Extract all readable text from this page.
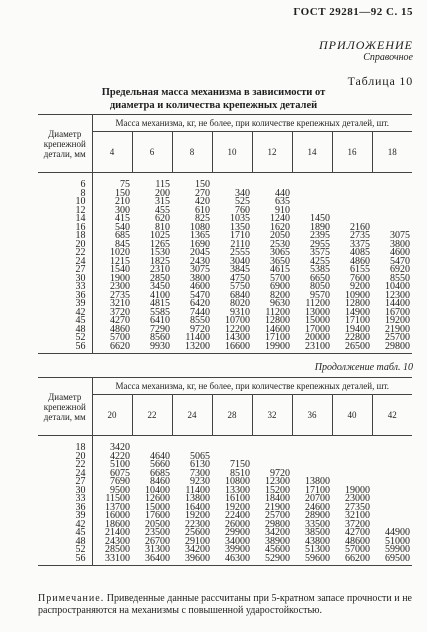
ГОСТ 29281—92 С. 15
ПРИЛОЖЕНИЕ
Справочное
Таблица 10
Предельная масса механизма в зависимости от
диаметра и количества крепежных деталей
Диаметр крепежной детали, мм	Масса механизма, кг, не более, при количестве крепежных деталей, шт.							
	4	6	8	10	12	14	16	18
6	75	115	150					
8	150	200	270	340	440			
10	210	315	420	525	635			
12	300	455	610	760	910			
14	415	620	825	1035	1240	1450		
16	540	810	1080	1350	1620	1890	2160	
18	685	1025	1365	1710	2050	2395	2735	3075
20	845	1265	1690	2110	2530	2955	3375	3800
22	1020	1530	2045	2555	3065	3575	4085	4600
24	1215	1825	2430	3040	3650	4255	4860	5470
27	1540	2310	3075	3845	4615	5385	6155	6920
30	1900	2850	3800	4750	5700	6650	7600	8550
33	2300	3450	4600	5750	6900	8050	9200	10400
36	2735	4100	5470	6840	8200	9570	10900	12300
39	3210	4815	6420	8020	9630	11200	12800	14400
42	3720	5585	7440	9310	11200	13000	14900	16700
45	4270	6410	8550	10700	12800	15000	17100	19200
48	4860	7290	9720	12200	14600	17000	19400	21900
52	5700	8560	11400	14300	17100	20000	22800	25700
56	6620	9930	13200	16600	19900	23100	26500	29800
Продолжение табл. 10
Диаметр крепежной детали, мм	Масса механизма, кг, не более, при количестве крепежных деталей, шт.							
	20	22	24	28	32	36	40	42
18	3420							
20	4220	4640	5065					
22	5100	5660	6130	7150				
24	6075	6685	7300	8510	9720			
27	7690	8460	9230	10800	12300	13800		
30	9500	10400	11400	13300	15200	17100	19000	
33	11500	12600	13800	16100	18400	20700	23000	
36	13700	15000	16400	19200	21900	24600	27350	
39	16000	17600	19200	22400	25700	28900	32100	
42	18600	20500	22300	26000	29800	33500	37200	
45	21400	23500	25600	29900	34200	38500	42700	44900
48	24300	26700	29100	34000	38900	43800	48600	51000
52	28500	31300	34200	39900	45600	51300	57000	59900
56	33100	36400	39600	46300	52900	59600	66200	69500
Примечание. Приведенные данные рассчитаны при 5-кратном запасе прочности и не распространяются на механизмы с повышенной ударостойкостью.
